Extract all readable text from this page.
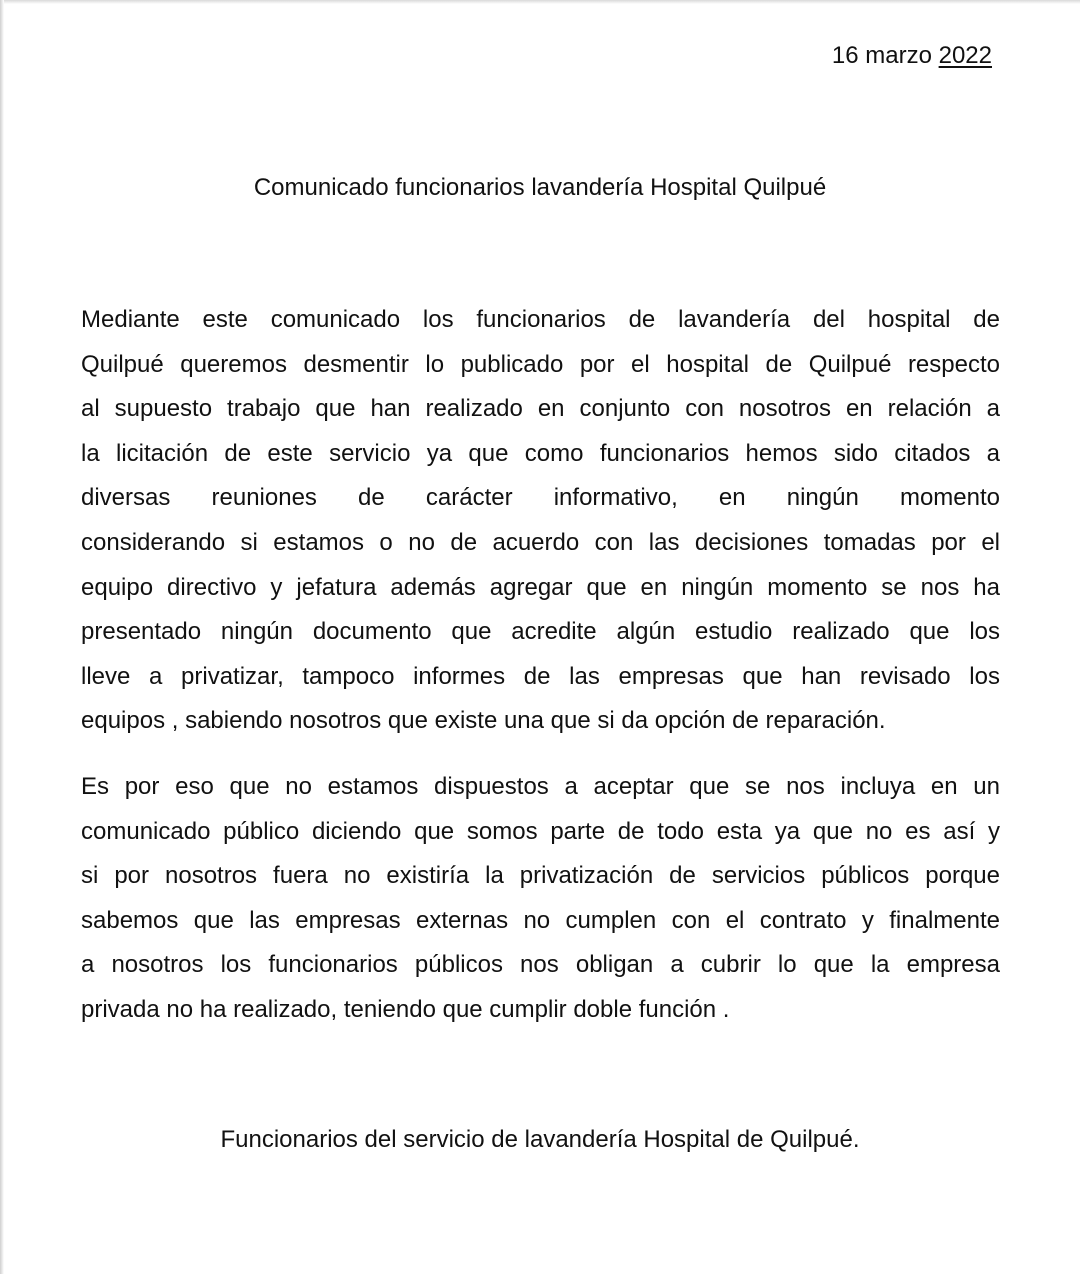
16 marzo 2022
Comunicado funcionarios lavandería Hospital Quilpué
Mediante este comunicado los funcionarios de lavandería del hospital de
Quilpué queremos desmentir lo publicado por el hospital de Quilpué respecto
al supuesto trabajo que han realizado en conjunto con nosotros en relación a
la licitación de este servicio ya que como funcionarios hemos sido citados a
diversas reuniones de carácter informativo, en ningún momento
considerando si estamos o no de acuerdo con las decisiones tomadas por el
equipo directivo y jefatura además agregar que en ningún momento se nos ha
presentado ningún documento que acredite algún estudio realizado que los
lleve a privatizar, tampoco informes de las empresas que han revisado los
equipos , sabiendo nosotros que existe una que si da opción de reparación.
Es por eso que no estamos dispuestos a aceptar que se nos incluya en un
comunicado público diciendo que somos parte de todo esta ya que no es así y
si por nosotros fuera no existiría la privatización de servicios públicos porque
sabemos que las empresas externas no cumplen con el contrato y finalmente
a nosotros los funcionarios públicos nos obligan a cubrir lo que la empresa
privada no ha realizado, teniendo que cumplir doble función .
Funcionarios del servicio de lavandería Hospital de Quilpué.
